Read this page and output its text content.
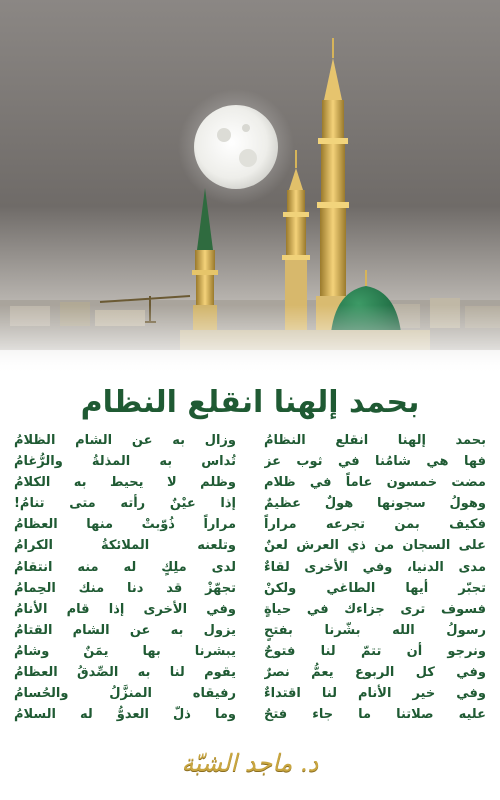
بحمد إلهنا انقلع النظام
بحمد إلهنا انقلع النظامُ
فها هي شامُنا في ثوب عز
مضت خمسون عاماً في ظلام
وهولُ سجونها هولٌ عظيمٌ
فكيف بمن تجرعه مراراً
على السجان من ذي العرش لعنٌ
مدى الدنيا، وفي الأخرى لقاءٌ
تجبّر أيها الطاغي ولكنْ
فسوف ترى جزاءك في حياةٍ
رسولُ الله بشّرنا بفتحٍ
ونرجو أن تتمّ لنا فتوحٌ
وفي كل الربوع يعمُّ نصرٌ
وفي خير الأنام لنا اقتداءٌ
عليه صلاتنا ما جاء فتحٌ
وزال به عن الشام الظلامُ
تُداس به المذلةُ والرُّغامُ
وظلم لا يحيط به الكلامُ
إذا عيْنٌ رأته متى تنامُ!
مراراً ذُوّبتْ منها العظامُ
وتلعنه الملائكةُ الكرامُ
لدى ملِكٍ له منه انتقامُ
تجهّزْ قد دنا منك الحِمامُ
وفي الأخرى إذا قام الأنامُ
يزول به عن الشام القتامُ
يبشرنا بها يمَنٌ وشامُ
يقوم لنا به الصِّدقُ العظامُ
رفيقاه المنزَّلُ والحُسامُ
وما ذلّ العدوُّ له السلامُ
د. ماجد الشبّة
